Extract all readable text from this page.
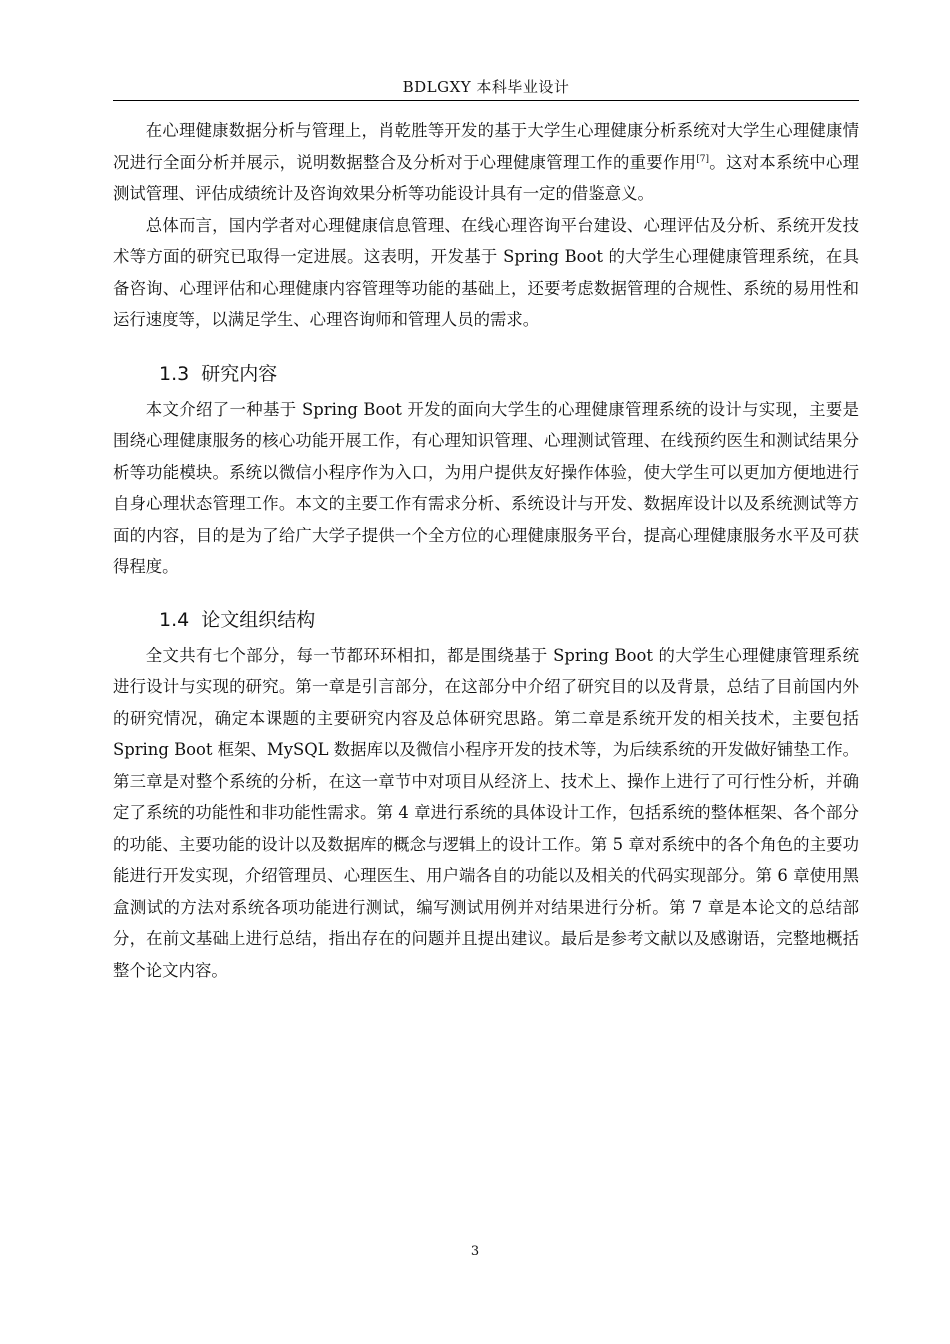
BDLGXY 本科毕业设计

在心理健康数据分析与管理上，肖乾胜等开发的基于大学生心理健康分析系统对大学生心理健康情况进行全面分析并展示，说明数据整合及分析对于心理健康管理工作的重要作用[7]。这对本系统中心理测试管理、评估成绩统计及咨询效果分析等功能设计具有一定的借鉴意义。

总体而言，国内学者对心理健康信息管理、在线心理咨询平台建设、心理评估及分析、系统开发技术等方面的研究已取得一定进展。这表明，开发基于 Spring Boot 的大学生心理健康管理系统，在具备咨询、心理评估和心理健康内容管理等功能的基础上，还要考虑数据管理的合规性、系统的易用性和运行速度等，以满足学生、心理咨询师和管理人员的需求。

1.3 研究内容

本文介绍了一种基于 Spring Boot 开发的面向大学生的心理健康管理系统的设计与实现，主要是围绕心理健康服务的核心功能开展工作，有心理知识管理、心理测试管理、在线预约医生和测试结果分析等功能模块。系统以微信小程序作为入口，为用户提供友好操作体验，使大学生可以更加方便地进行自身心理状态管理工作。本文的主要工作有需求分析、系统设计与开发、数据库设计以及系统测试等方面的内容，目的是为了给广大学子提供一个全方位的心理健康服务平台，提高心理健康服务水平及可获得程度。

1.4 论文组织结构

全文共有七个部分，每一节都环环相扣，都是围绕基于 Spring Boot 的大学生心理健康管理系统进行设计与实现的研究。第一章是引言部分，在这部分中介绍了研究目的以及背景，总结了目前国内外的研究情况，确定本课题的主要研究内容及总体研究思路。第二章是系统开发的相关技术，主要包括 Spring Boot 框架、MySQL 数据库以及微信小程序开发的技术等，为后续系统的开发做好铺垫工作。第三章是对整个系统的分析，在这一章节中对项目从经济上、技术上、操作上进行了可行性分析，并确定了系统的功能性和非功能性需求。第 4 章进行系统的具体设计工作，包括系统的整体框架、各个部分的功能、主要功能的设计以及数据库的概念与逻辑上的设计工作。第 5 章对系统中的各个角色的主要功能进行开发实现，介绍管理员、心理医生、用户端各自的功能以及相关的代码实现部分。第 6 章使用黑盒测试的方法对系统各项功能进行测试，编写测试用例并对结果进行分析。第 7 章是本论文的总结部分，在前文基础上进行总结，指出存在的问题并且提出建议。最后是参考文献以及感谢语，完整地概括整个论文内容。

3
